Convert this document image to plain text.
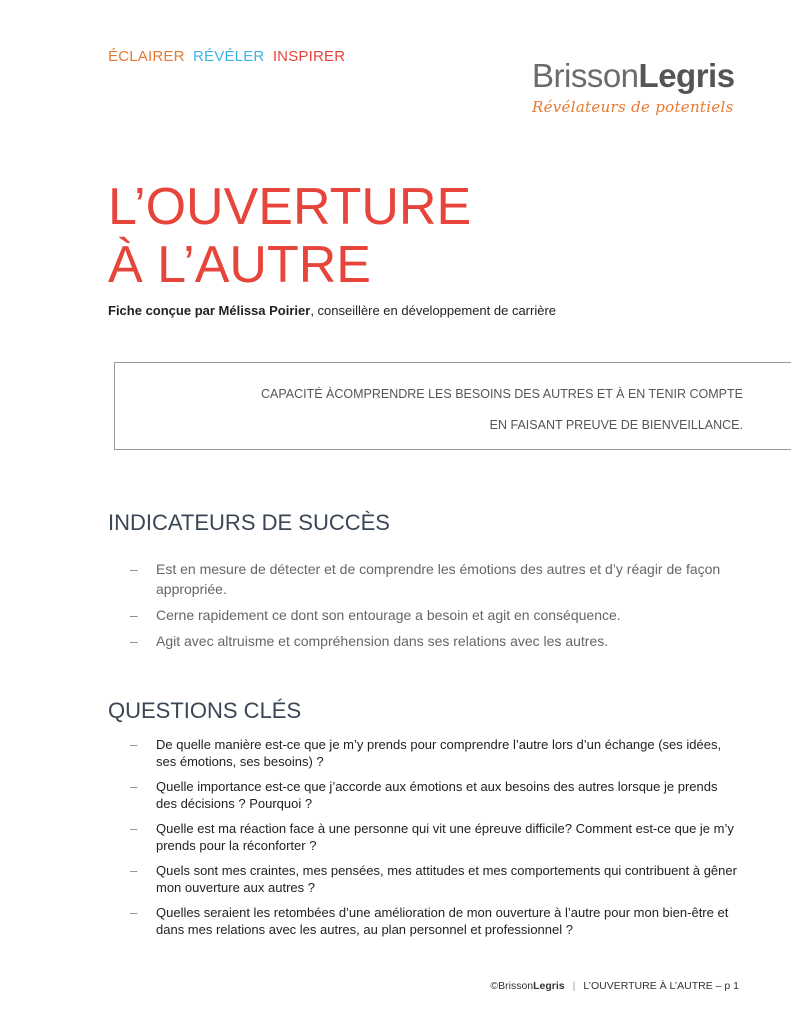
ÉCLAIRER RÉVÉLER INSPIRER
BrissonLegris
Révélateurs de potentiels
L’OUVERTURE
À L’AUTRE
Fiche conçue par Mélissa Poirier, conseillère en développement de carrière
CAPACITÉ ÀCOMPRENDRE LES BESOINS DES AUTRES ET À EN TENIR COMPTE
EN FAISANT PREUVE DE BIENVEILLANCE.
INDICATEURS DE SUCCÈS
– Est en mesure de détecter et de comprendre les émotions des autres et d’y réagir de façon appropriée.
– Cerne rapidement ce dont son entourage a besoin et agit en conséquence.
– Agit avec altruisme et compréhension dans ses relations avec les autres.
QUESTIONS CLÉS
– De quelle manière est-ce que je m’y prends pour comprendre l’autre lors d’un échange (ses idées, ses émotions, ses besoins) ?
– Quelle importance est-ce que j’accorde aux émotions et aux besoins des autres lorsque je prends des décisions ? Pourquoi ?
– Quelle est ma réaction face à une personne qui vit une épreuve difficile? Comment est-ce que je m’y prends pour la réconforter ?
– Quels sont mes craintes, mes pensées, mes attitudes et mes comportements qui contribuent à gêner mon ouverture aux autres ?
– Quelles seraient les retombées d’une amélioration de mon ouverture à l’autre pour mon bien-être et dans mes relations avec les autres, au plan personnel et professionnel ?
©BrissonLegris | L’OUVERTURE À L’AUTRE – p 1
